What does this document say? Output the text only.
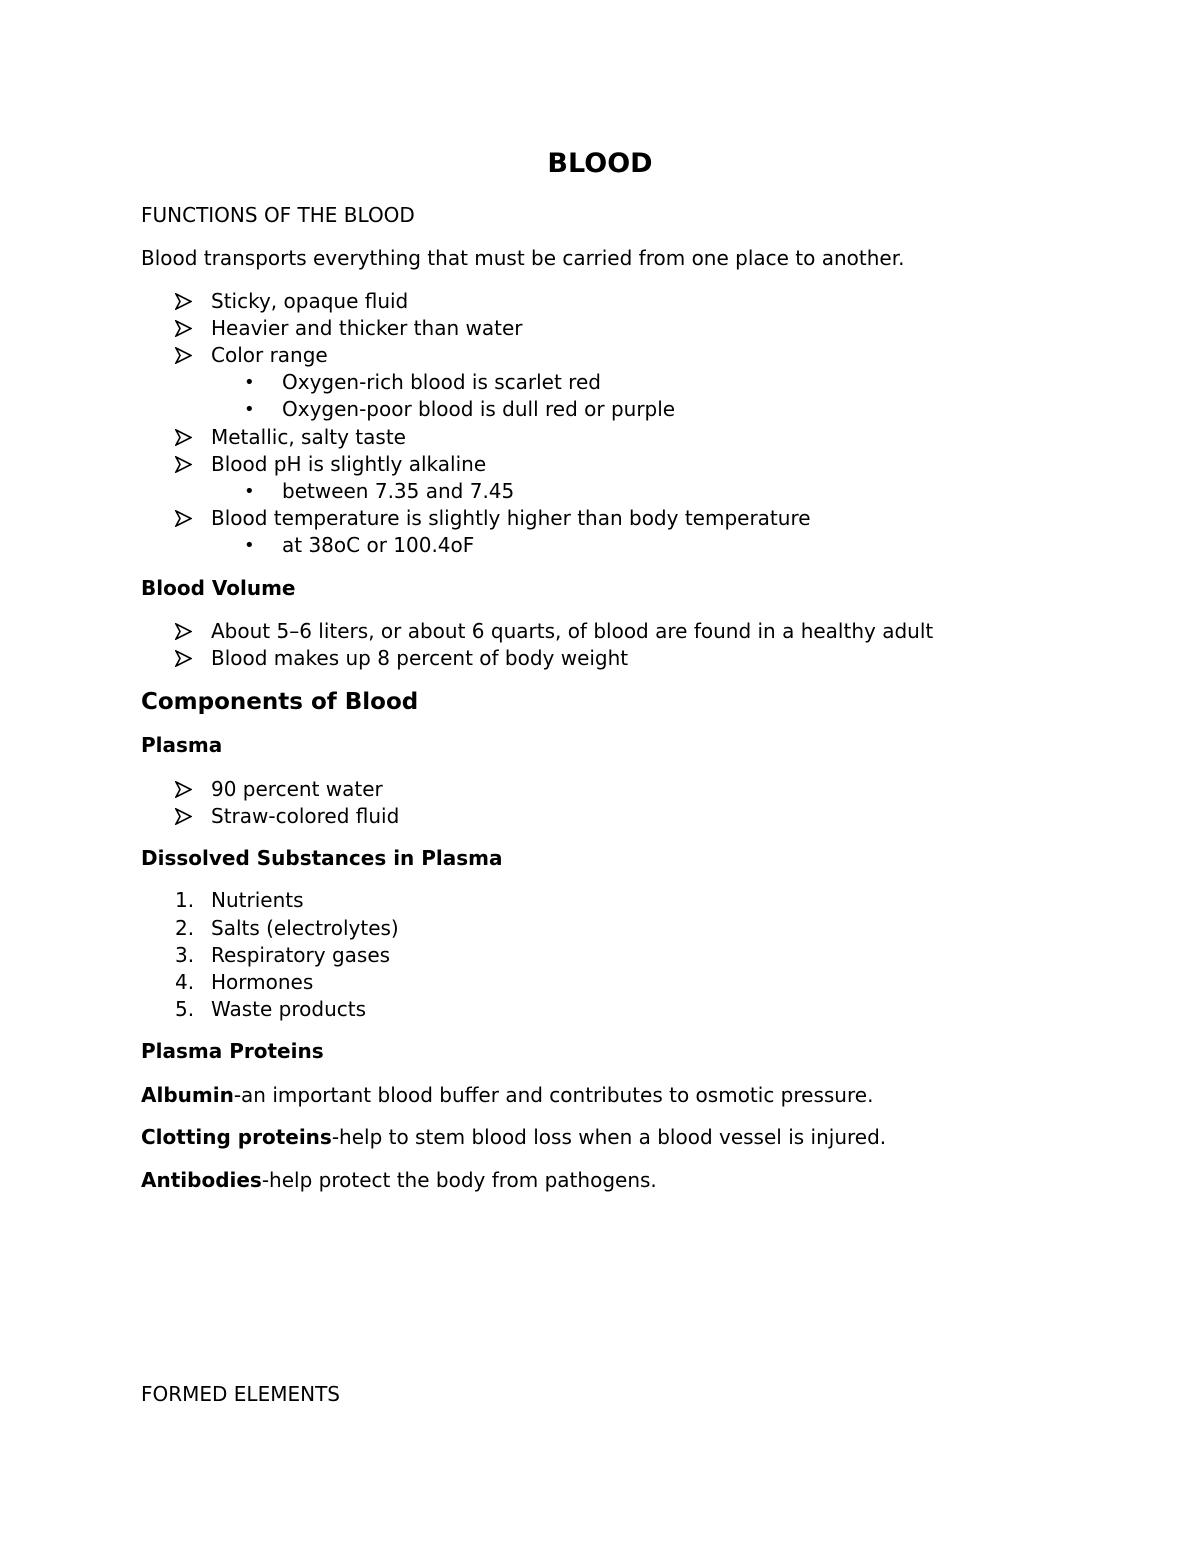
BLOOD

FUNCTIONS OF THE BLOOD

Blood transports everything that must be carried from one place to another.

Sticky, opaque fluid
Heavier and thicker than water
Color range
•	Oxygen-rich blood is scarlet red
•	Oxygen-poor blood is dull red or purple
Metallic, salty taste
Blood pH is slightly alkaline
•	between 7.35 and 7.45
Blood temperature is slightly higher than body temperature
•	at 38oC or 100.4oF

Blood Volume

About 5–6 liters, or about 6 quarts, of blood are found in a healthy adult
Blood makes up 8 percent of body weight

Components of Blood

Plasma

90 percent water
Straw-colored fluid

Dissolved Substances in Plasma

1. Nutrients
2. Salts (electrolytes)
3. Respiratory gases
4. Hormones
5. Waste products

Plasma Proteins

Albumin-an important blood buffer and contributes to osmotic pressure.

Clotting proteins-help to stem blood loss when a blood vessel is injured.

Antibodies-help protect the body from pathogens.

FORMED ELEMENTS
